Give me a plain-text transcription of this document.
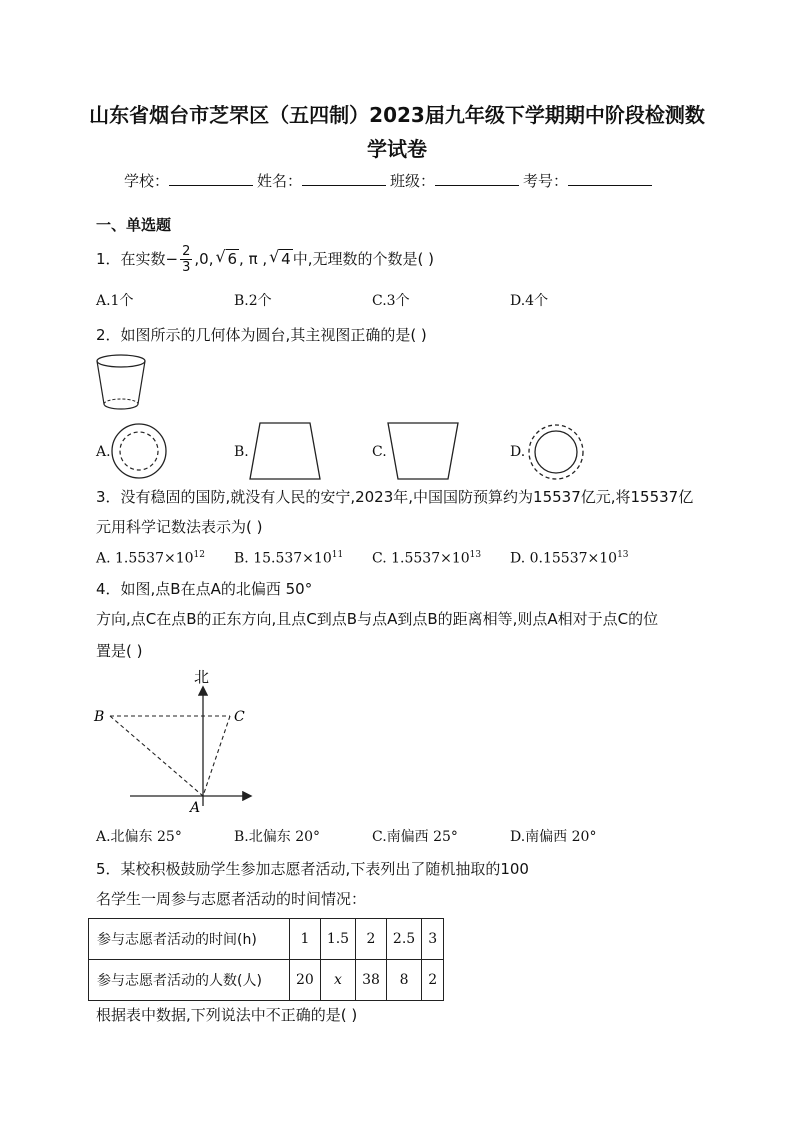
山东省烟台市芝罘区（五四制）2023届九年级下学期期中阶段检测数
学试卷
学校：	姓名：	班级：	考号：
一、单选题
1．在实数− $\frac{2}{3} ,0$, √ 6 , π , √ 4 中,无理数的个数是( )
A.1个	B.2个	C.3个	D.4个
2．如图所示的几何体为圆台,其主视图正确的是( )
A.	B.	C.	D.
3．没有稳固的国防,就没有人民的安宁,2023年,中国国防预算约为15537亿元,将15537亿
元用科学记数法表示为( )
A. $1.5537\times 10^{12}$ B. $15.537\times 10^{11}$ C. $1.5537\times 10^{13}$ D. $0.15537\times 10^{13}$
4．如图,点B在点A的北偏西 50°
方向,点C在点B的正东方向,且点C到点B与点A到点B的距离相等,则点A相对于点C的位
置是( )
北
B	C
A
A.北偏东 25°	B.北偏东 20°	C.南偏西 25°	D.南偏西 20°
5．某校积极鼓励学生参加志愿者活动,下表列出了随机抽取的100
名学生一周参与志愿者活动的时间情况：
参与志愿者活动的时间(h)	1	1.5	2	2.5	3
参与志愿者活动的人数(人)	20	x	38	8	2
根据表中数据,下列说法中不正确的是( )
